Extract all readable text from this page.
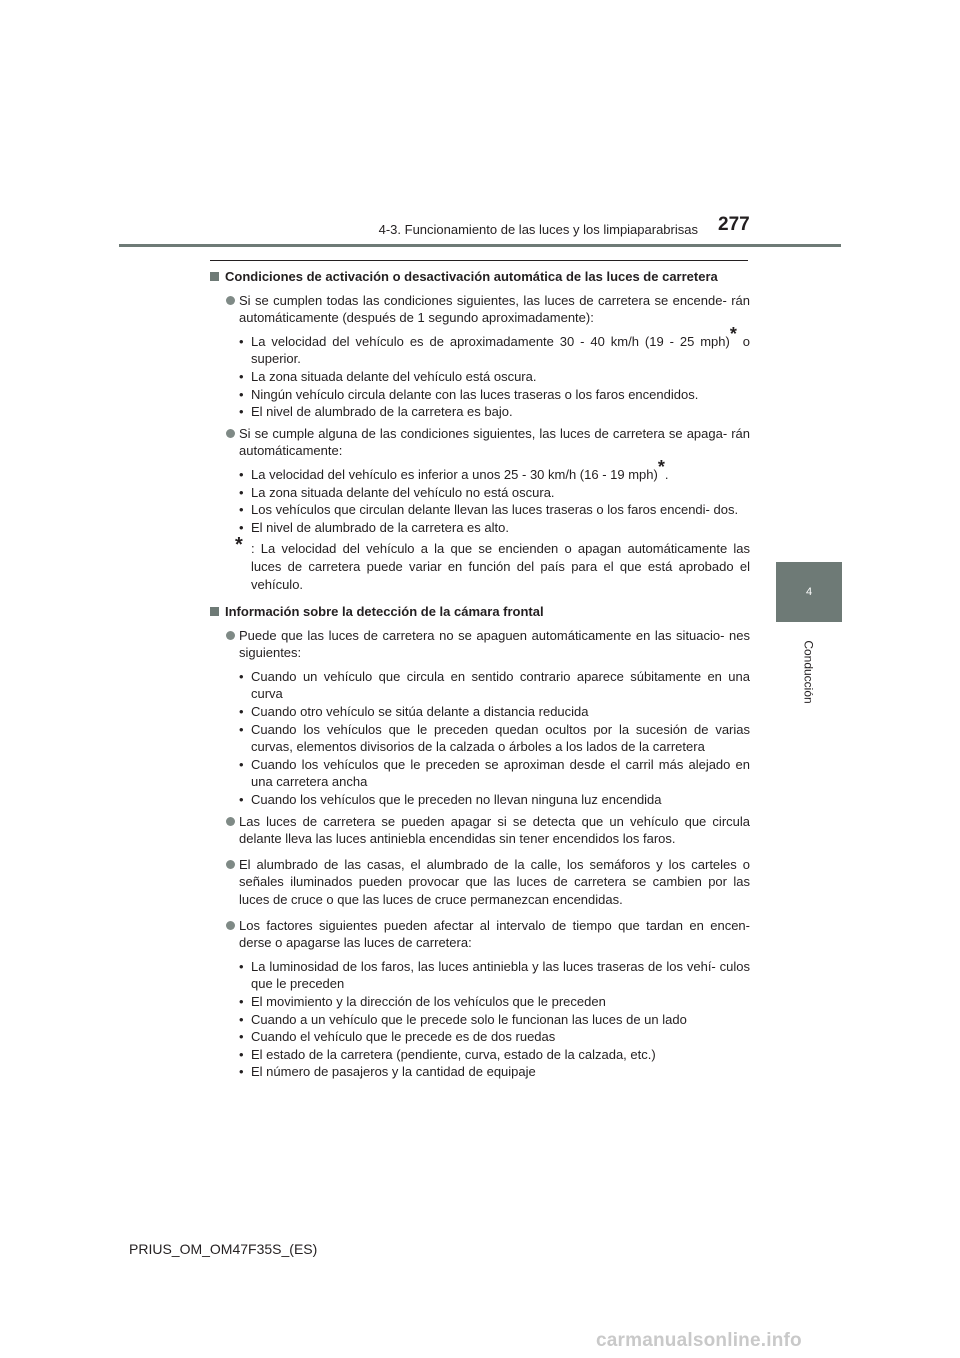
4-3. Funcionamiento de las luces y los limpiaparabrisas 277
4
Conducción
Condiciones de activación o desactivación automática de las luces de carretera
Si se cumplen todas las condiciones siguientes, las luces de carretera se encende- rán automáticamente (después de 1 segundo aproximadamente):
• La velocidad del vehículo es de aproximadamente 30 - 40 km/h (19 - 25 mph)* o superior.
• La zona situada delante del vehículo está oscura.
• Ningún vehículo circula delante con las luces traseras o los faros encendidos.
• El nivel de alumbrado de la carretera es bajo.
Si se cumple alguna de las condiciones siguientes, las luces de carretera se apaga- rán automáticamente:
• La velocidad del vehículo es inferior a unos 25 - 30 km/h (16 - 19 mph)*.
• La zona situada delante del vehículo no está oscura.
• Los vehículos que circulan delante llevan las luces traseras o los faros encendi- dos.
• El nivel de alumbrado de la carretera es alto.
* : La velocidad del vehículo a la que se encienden o apagan automáticamente las luces de carretera puede variar en función del país para el que está aprobado el vehículo.
Información sobre la detección de la cámara frontal
Puede que las luces de carretera no se apaguen automáticamente en las situacio- nes siguientes:
• Cuando un vehículo que circula en sentido contrario aparece súbitamente en una curva
• Cuando otro vehículo se sitúa delante a distancia reducida
• Cuando los vehículos que le preceden quedan ocultos por la sucesión de varias curvas, elementos divisorios de la calzada o árboles a los lados de la carretera
• Cuando los vehículos que le preceden se aproximan desde el carril más alejado en una carretera ancha
• Cuando los vehículos que le preceden no llevan ninguna luz encendida
Las luces de carretera se pueden apagar si se detecta que un vehículo que circula delante lleva las luces antiniebla encendidas sin tener encendidos los faros.
El alumbrado de las casas, el alumbrado de la calle, los semáforos y los carteles o señales iluminados pueden provocar que las luces de carretera se cambien por las luces de cruce o que las luces de cruce permanezcan encendidas.
Los factores siguientes pueden afectar al intervalo de tiempo que tardan en encen- derse o apagarse las luces de carretera:
• La luminosidad de los faros, las luces antiniebla y las luces traseras de los vehí- culos que le preceden
• El movimiento y la dirección de los vehículos que le preceden
• Cuando a un vehículo que le precede solo le funcionan las luces de un lado
• Cuando el vehículo que le precede es de dos ruedas
• El estado de la carretera (pendiente, curva, estado de la calzada, etc.)
• El número de pasajeros y la cantidad de equipaje
PRIUS_OM_OM47F35S_(ES)
carmanualsonline.info
